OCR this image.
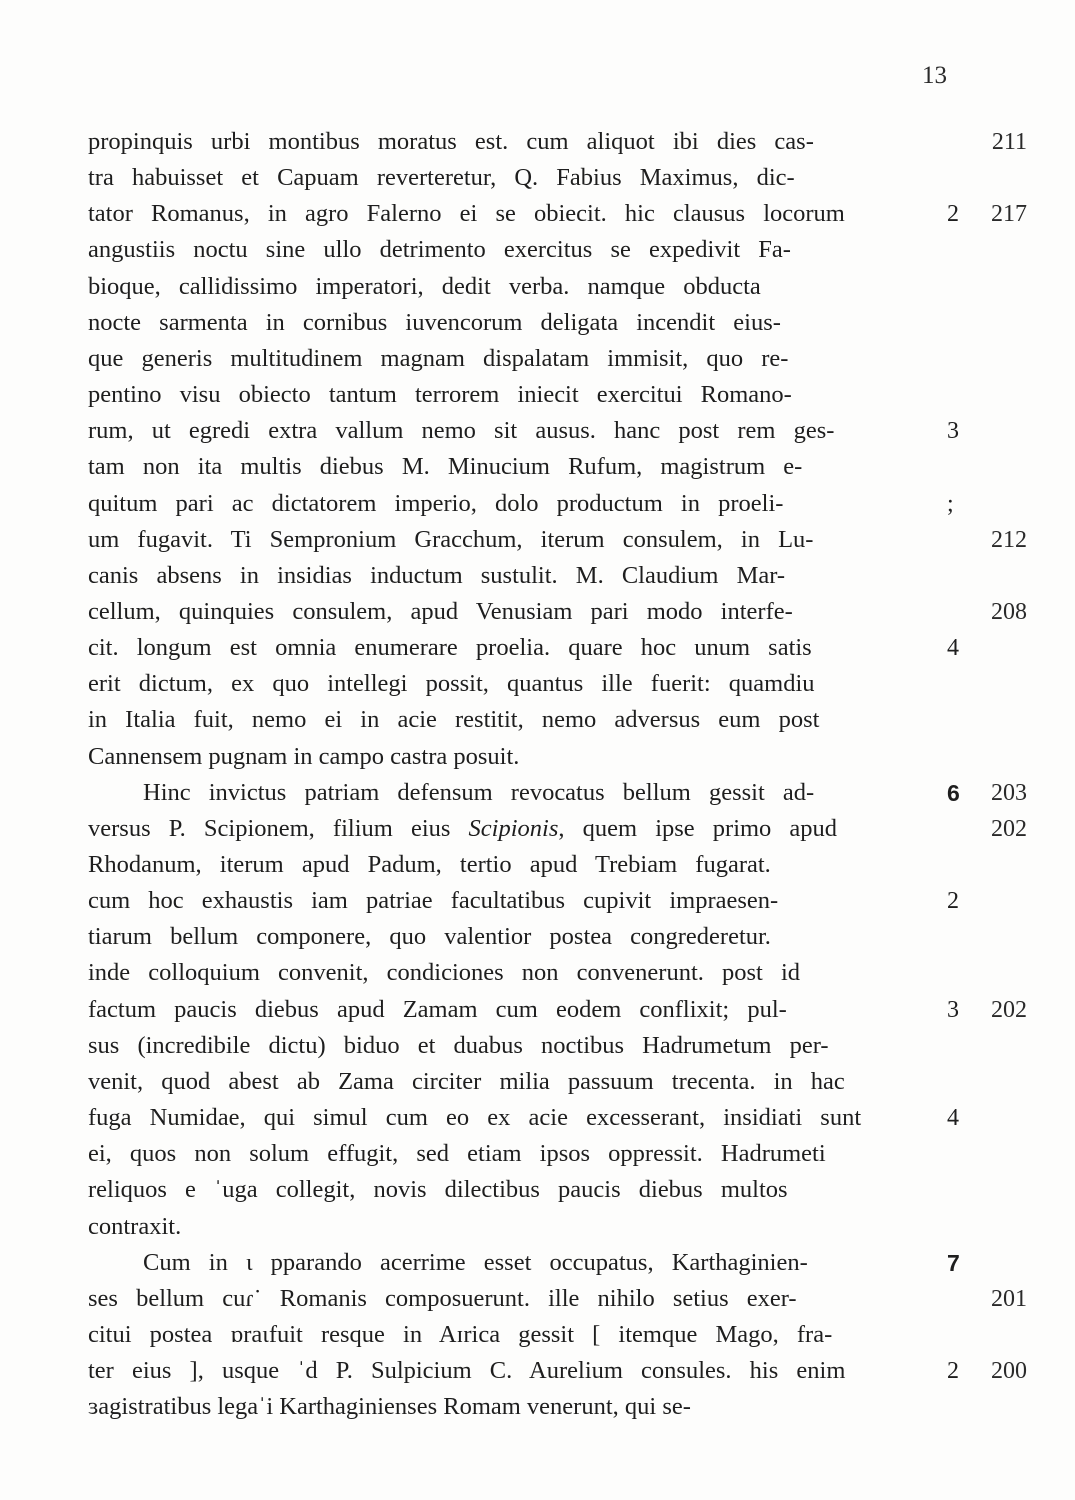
13
propinquis urbi montibus moratus est. cum aliquot ibi dies cas-	211
tra habuisset et Capuam reverteretur, Q. Fabius Maximus, dic-
tator Romanus, in agro Falerno ei se obiecit. hic clausus locorum	2	217
angustiis noctu sine ullo detrimento exercitus se expedivit Fa-
bioque, callidissimo imperatori, dedit verba. namque obducta
nocte sarmenta in cornibus iuvencorum deligata incendit eius-
que generis multitudinem magnam dispalatam immisit, quo re-
pentino visu obiecto tantum terrorem iniecit exercitui Romano-
rum, ut egredi extra vallum nemo sit ausus. hanc post rem ges-	3
tam non ita multis diebus M. Minucium Rufum, magistrum e-
quitum pari ac dictatorem imperio, dolo productum in proeli-	;
um fugavit. Ti Sempronium Gracchum, iterum consulem, in Lu-	212
canis absens in insidias inductum sustulit. M. Claudium Mar-
cellum, quinquies consulem, apud Venusiam pari modo interfe-	208
cit. longum est omnia enumerare proelia. quare hoc unum satis	4
erit dictum, ex quo intellegi possit, quantus ille fuerit: quamdiu
in Italia fuit, nemo ei in acie restitit, nemo adversus eum post
Cannensem pugnam in campo castra posuit.
Hinc invictus patriam defensum revocatus bellum gessit ad-	6	203
versus P. Scipionem, filium eius Scipionis, quem ipse primo apud	202
Rhodanum, iterum apud Padum, tertio apud Trebiam fugarat.
cum hoc exhaustis iam patriae facultatibus cupivit impraesen-	2
tiarum bellum componere, quo valentior postea congrederetur.
inde colloquium convenit, condiciones non convenerunt. post id
factum paucis diebus apud Zamam cum eodem conflixit; pul-	3	202
sus (incredibile dictu) biduo et duabus noctibus Hadrumetum per-
venit, quod abest ab Zama circiter milia passuum trecenta. in hac
fuga Numidae, qui simul cum eo ex acie excesserant, insidiati sunt	4
ei, quos non solum effugit, sed etiam ipsos oppressit. Hadrumeti
reliquos e ˈuga collegit, novis dilectibus paucis diebus multos
contraxit.
Cum in ɩ pparando acerrime esset occupatus, Karthaginien-	7
ses bellum cuɾ˙ Romanis composuerunt. ille nihilo setius exer-	201
citui postea ɒraɩfuit resque in Aɪrica gessit [ itemque Mago, fra-
ter eius ], usque ˈd P. Sulpicium C. Aurelium consules. his enim	2	200
ɜagistratibus legaˈi Karthaginienses Romam venerunt, qui se-
